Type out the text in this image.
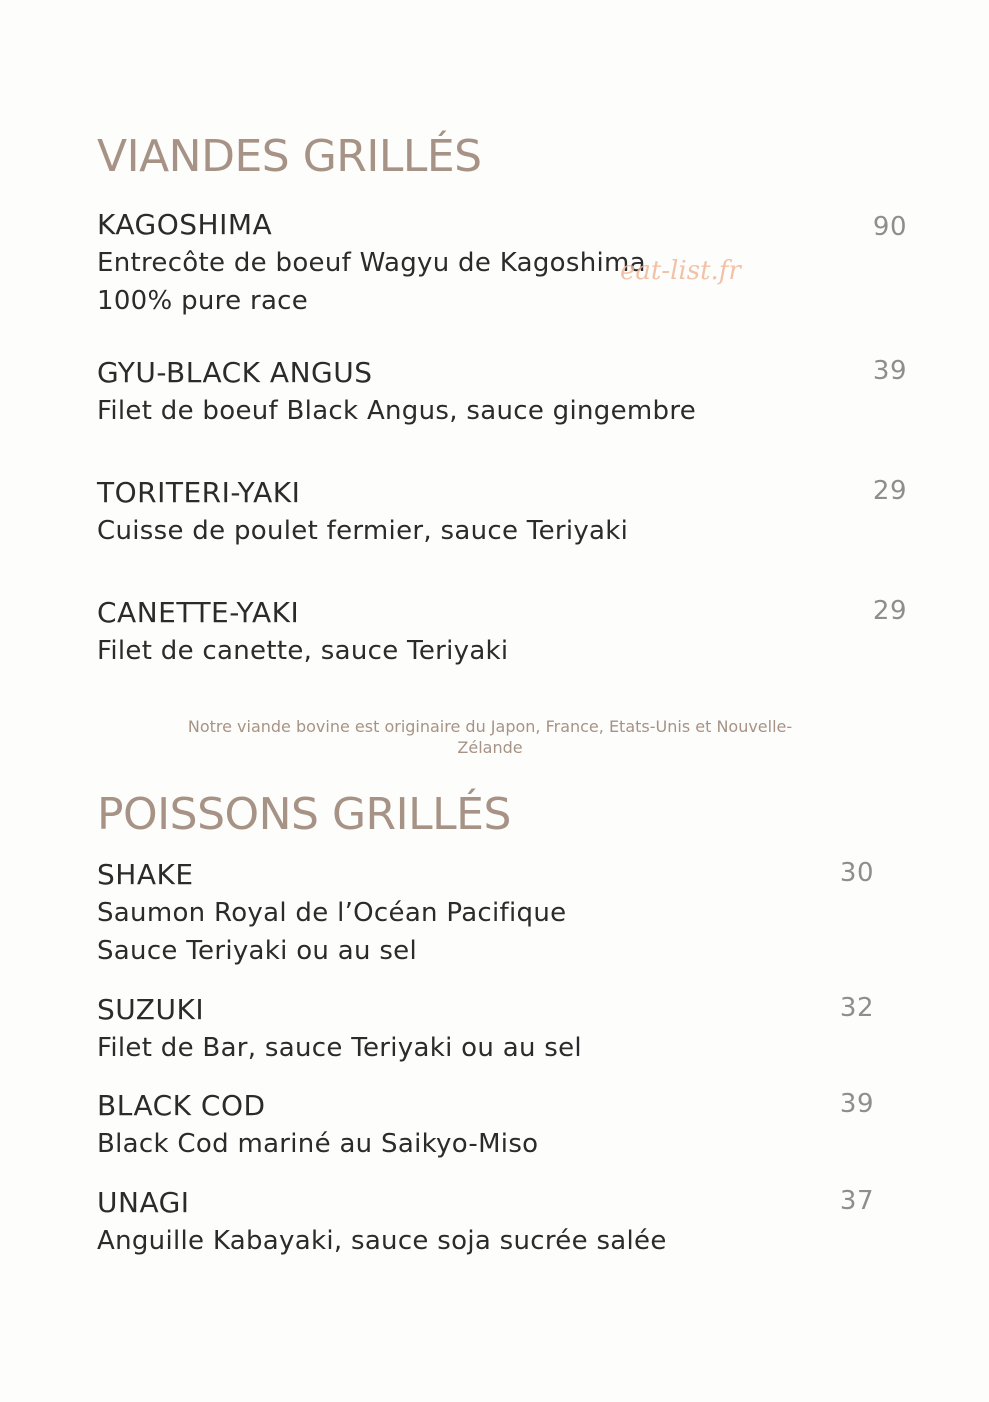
VIANDES GRILLÉS
KAGOSHIMA
Entrecôte de boeuf Wagyu de Kagoshima
100% pure race
90
eat-list.fr
GYU-BLACK ANGUS
Filet de boeuf Black Angus, sauce gingembre
39
TORITERI-YAKI
Cuisse de poulet fermier, sauce Teriyaki
29
CANETTE-YAKI
Filet de canette, sauce Teriyaki
29
Notre viande bovine est originaire du Japon, France, Etats-Unis et Nouvelle-
Zélande
POISSONS GRILLÉS
SHAKE
Saumon Royal de l’Océan Pacifique
Sauce Teriyaki ou au sel
30
SUZUKI
Filet de Bar, sauce Teriyaki ou au sel
32
BLACK COD
Black Cod mariné au Saikyo-Miso
39
UNAGI
Anguille Kabayaki, sauce soja sucrée salée
37
